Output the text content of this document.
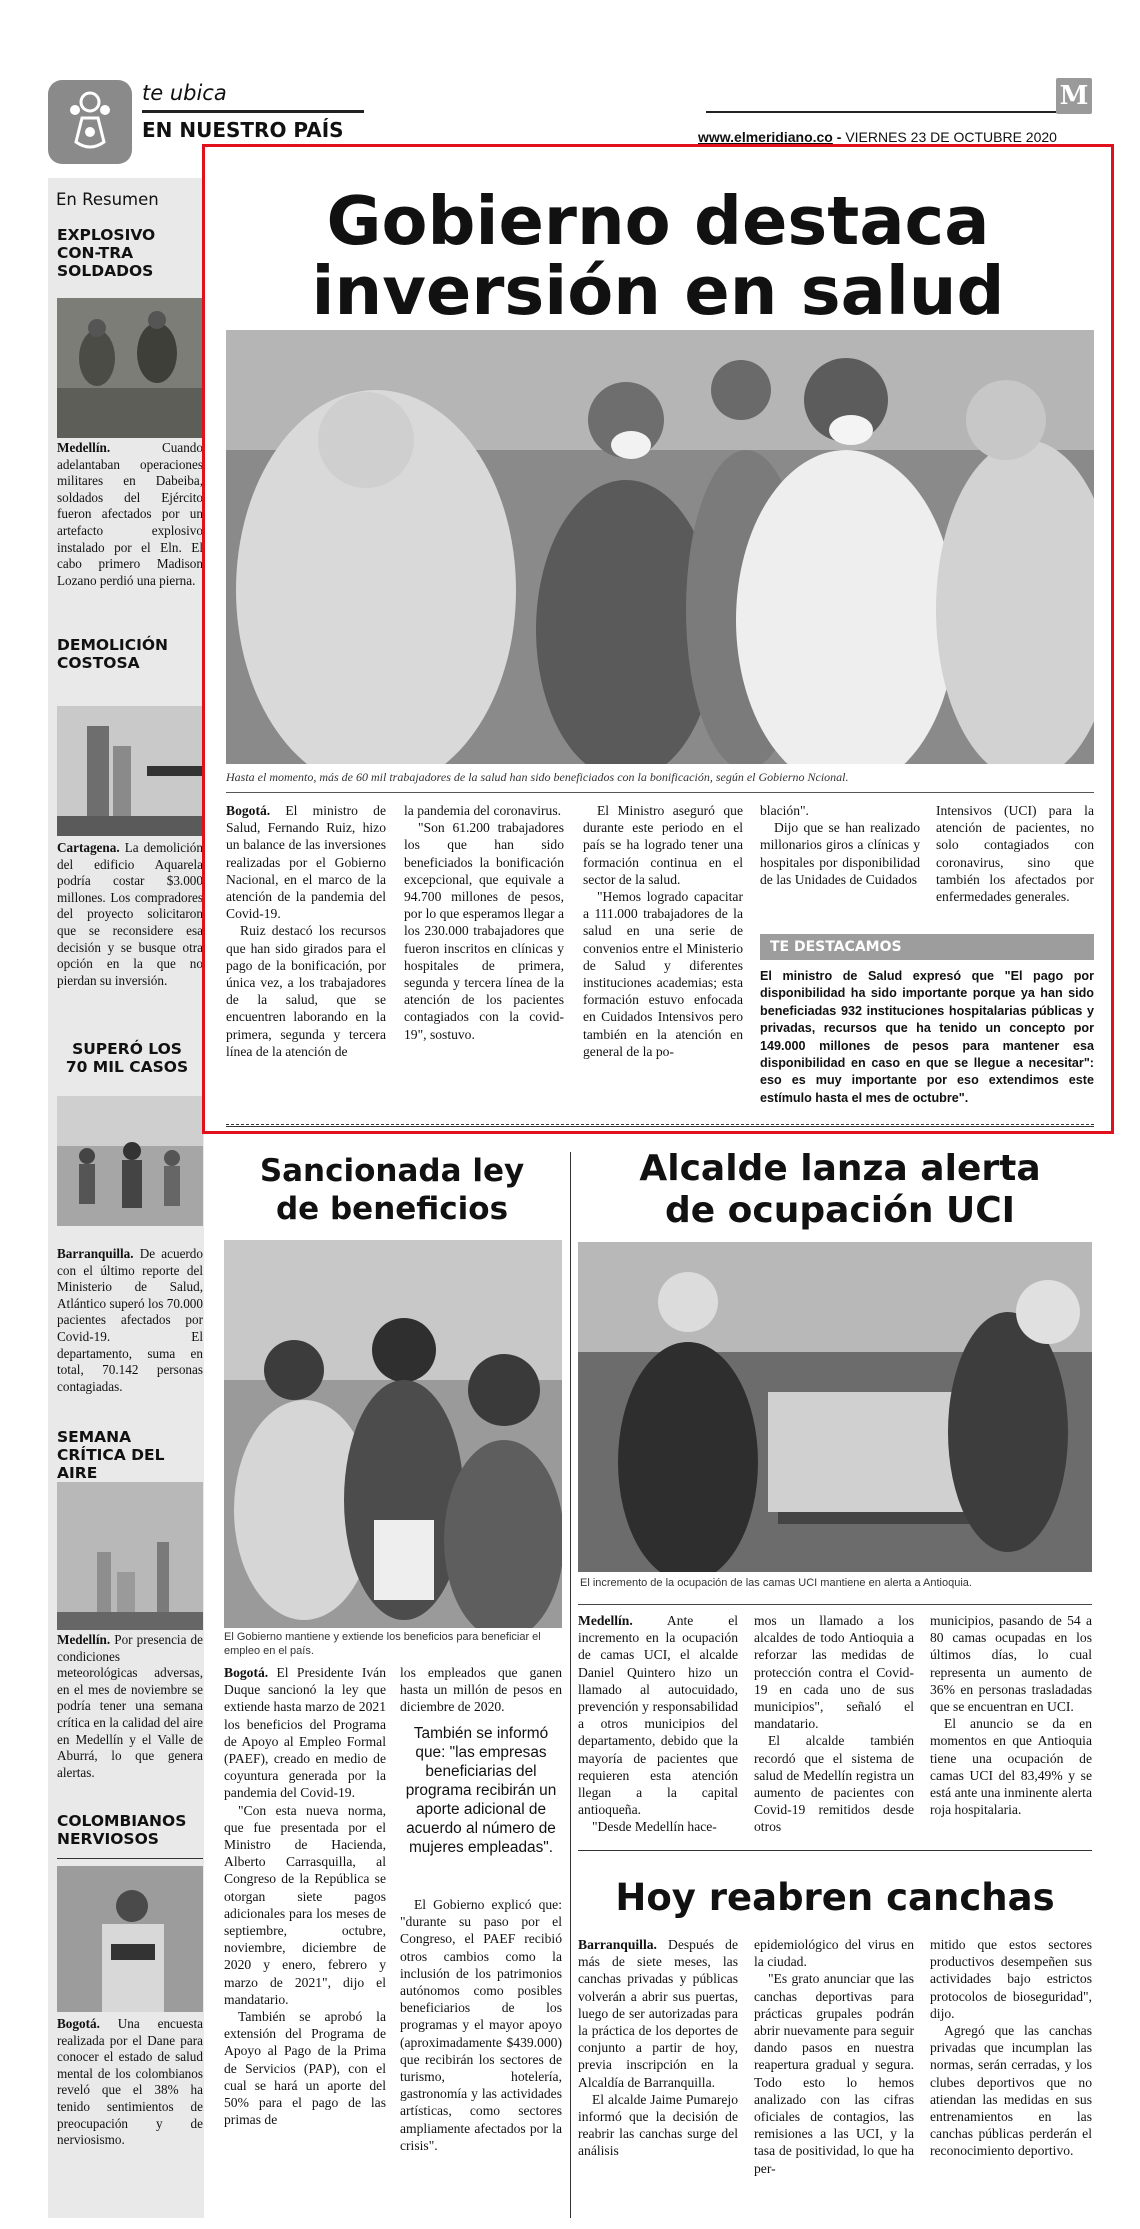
te ubica
EN NUESTRO PAÍS	www.elmeridiano.co - VIERNES 23 DE OCTUBRE 2020
M
En Resumen
EXPLOSIVO CON-TRA SOLDADOS
Medellín. Cuando adelantaban operaciones militares en Dabeiba, soldados del Ejército fueron afectados por un artefacto explosivo instalado por el Eln. El cabo primero Madison Lozano perdió una pierna.
DEMOLICIÓN COSTOSA
Cartagena. La demolición del edificio Aquarela podría costar $3.000 millones. Los compradores del proyecto solicitaron que se reconsidere esa decisión y se busque otra opción en la que no pierdan su inversión.
SUPERÓ LOS 70 MIL CASOS
Barranquilla. De acuerdo con el último reporte del Ministerio de Salud, Atlántico superó los 70.000 pacientes afectados por Covid-19. El departamento, suma en total, 70.142 personas contagiadas.
SEMANA CRÍTICA DEL AIRE
Medellín. Por presencia de condiciones meteorológicas adversas, en el mes de noviembre se podría tener una semana crítica en la calidad del aire en Medellín y el Valle de Aburrá, lo que genera alertas.
COLOMBIANOS NERVIOSOS
Bogotá. Una encuesta realizada por el Dane para conocer el estado de salud mental de los colombianos reveló que el 38% ha tenido sentimientos de preocupación y de nerviosismo.
Gobierno destaca
inversión en salud
Hasta el momento, más de 60 mil trabajadores de la salud han sido beneficiados con la bonificación, según el Gobierno Ncional.

Bogotá. El ministro de Salud, Fernando Ruiz, hizo un balance de las inversiones realizadas por el Gobierno Nacional, en el marco de la atención de la pandemia del Covid-19.

Ruiz destacó los recursos que han sido girados para el pago de la bonificación, por única vez, a los trabajadores de la salud, que se encuentren laborando en la primera, segunda y tercera línea de la atención de

la pandemia del coronavirus.

"Son 61.200 trabajadores los que han sido beneficiados la bonificación excepcional, que equivale a 94.700 millones de pesos, por lo que esperamos llegar a los 230.000 trabajadores que fueron inscritos en clínicas y hospitales de primera, segunda y tercera línea de la atención de los pacientes contagiados con la covid-19", sostuvo.

El Ministro aseguró que durante este periodo en el país se ha logrado tener una formación continua en el sector de la salud.

"Hemos logrado capacitar a 111.000 trabajadores de la salud en una serie de convenios entre el Ministerio de Salud y diferentes instituciones academias; esta formación estuvo enfocada en Cuidados Intensivos pero también en la atención en general de la po-

blación".

Dijo que se han realizado millonarios giros a clínicas y hospitales por disponibilidad de las Unidades de Cuidados

Intensivos (UCI) para la atención de pacientes, no solo contagiados con coronavirus, sino que también los afectados por enfermedades generales.

TE DESTACAMOS
El ministro de Salud expresó que "El pago por disponibilidad ha sido importante porque ya han sido beneficiadas 932 instituciones hospitalarias públicas y privadas, recursos que ha tenido un concepto por 149.000 millones de pesos para mantener esa disponibilidad en caso en que se llegue a necesitar": eso es muy importante por eso extendimos este estímulo hasta el mes de octubre".
Sancionada ley
de beneficios
El Gobierno mantiene y extiende los beneficios para beneficiar el empleo en el país.

Bogotá. El Presidente Iván Duque sancionó la ley que extiende hasta marzo de 2021 los beneficios del Programa de Apoyo al Empleo Formal (PAEF), creado en medio de coyuntura generada por la pandemia del Covid-19.

"Con esta nueva norma, que fue presentada por el Ministro de Hacienda, Alberto Carrasquilla, al Congreso de la República se otorgan siete pagos adicionales para los meses de septiembre, octubre, noviembre, diciembre de 2020 y enero, febrero y marzo de 2021", dijo el mandatario.

También se aprobó la extensión del Programa de Apoyo al Pago de la Prima de Servicios (PAP), con el cual se hará un aporte del 50% para el pago de las primas de

los empleados que ganen hasta un millón de pesos en diciembre de 2020.

También se informó que: "las empresas beneficiarias del programa recibirán un aporte adicional de acuerdo al número de mujeres empleadas".

El Gobierno explicó que: "durante su paso por el Congreso, el PAEF recibió otros cambios como la inclusión de los patrimonios autónomos como posibles beneficiarios de los programas y el mayor apoyo (aproximadamente $439.000) que recibirán los sectores de turismo, hotelería, gastronomía y las actividades artísticas, como sectores ampliamente afectados por la crisis".

Alcalde lanza alerta
de ocupación UCI
El incremento de la ocupación de las camas UCI mantiene en alerta a Antioquia.

Medellín. Ante el incremento en la ocupación de camas UCI, el alcalde Daniel Quintero hizo un llamado al autocuidado, prevención y responsabilidad a otros municipios del departamento, debido que la mayoría de pacientes que requieren esta atención llegan a la capital antioqueña.

"Desde Medellín hace-

mos un llamado a los alcaldes de todo Antioquia a reforzar las medidas de protección contra el Covid-19 en cada uno de sus municipios", señaló el mandatario.

El alcalde también recordó que el sistema de salud de Medellín registra un aumento de pacientes con Covid-19 remitidos desde otros

municipios, pasando de 54 a 80 camas ocupadas en los últimos días, lo cual representa un aumento de 36% en personas trasladadas que se encuentran en UCI.

El anuncio se da en momentos en que Antioquia tiene una ocupación de camas UCI del 83,49% y se está ante una inminente alerta roja hospitalaria.

Hoy reabren canchas

Barranquilla. Después de más de siete meses, las canchas privadas y públicas volverán a abrir sus puertas, luego de ser autorizadas para la práctica de los deportes de conjunto a partir de hoy, previa inscripción en la Alcaldía de Barranquilla.

El alcalde Jaime Pumarejo informó que la decisión de reabrir las canchas surge del análisis

epidemiológico del virus en la ciudad.

"Es grato anunciar que las canchas deportivas para prácticas grupales podrán abrir nuevamente para seguir dando pasos en nuestra reapertura gradual y segura. Todo esto lo hemos analizado con las cifras oficiales de contagios, las remisiones a las UCI, y la tasa de positividad, lo que ha per-

mitido que estos sectores productivos desempeñen sus actividades bajo estrictos protocolos de bioseguridad", dijo.

Agregó que las canchas privadas que incumplan las normas, serán cerradas, y los clubes deportivos que no atiendan las medidas en sus entrenamientos en las canchas públicas perderán el reconocimiento deportivo.
